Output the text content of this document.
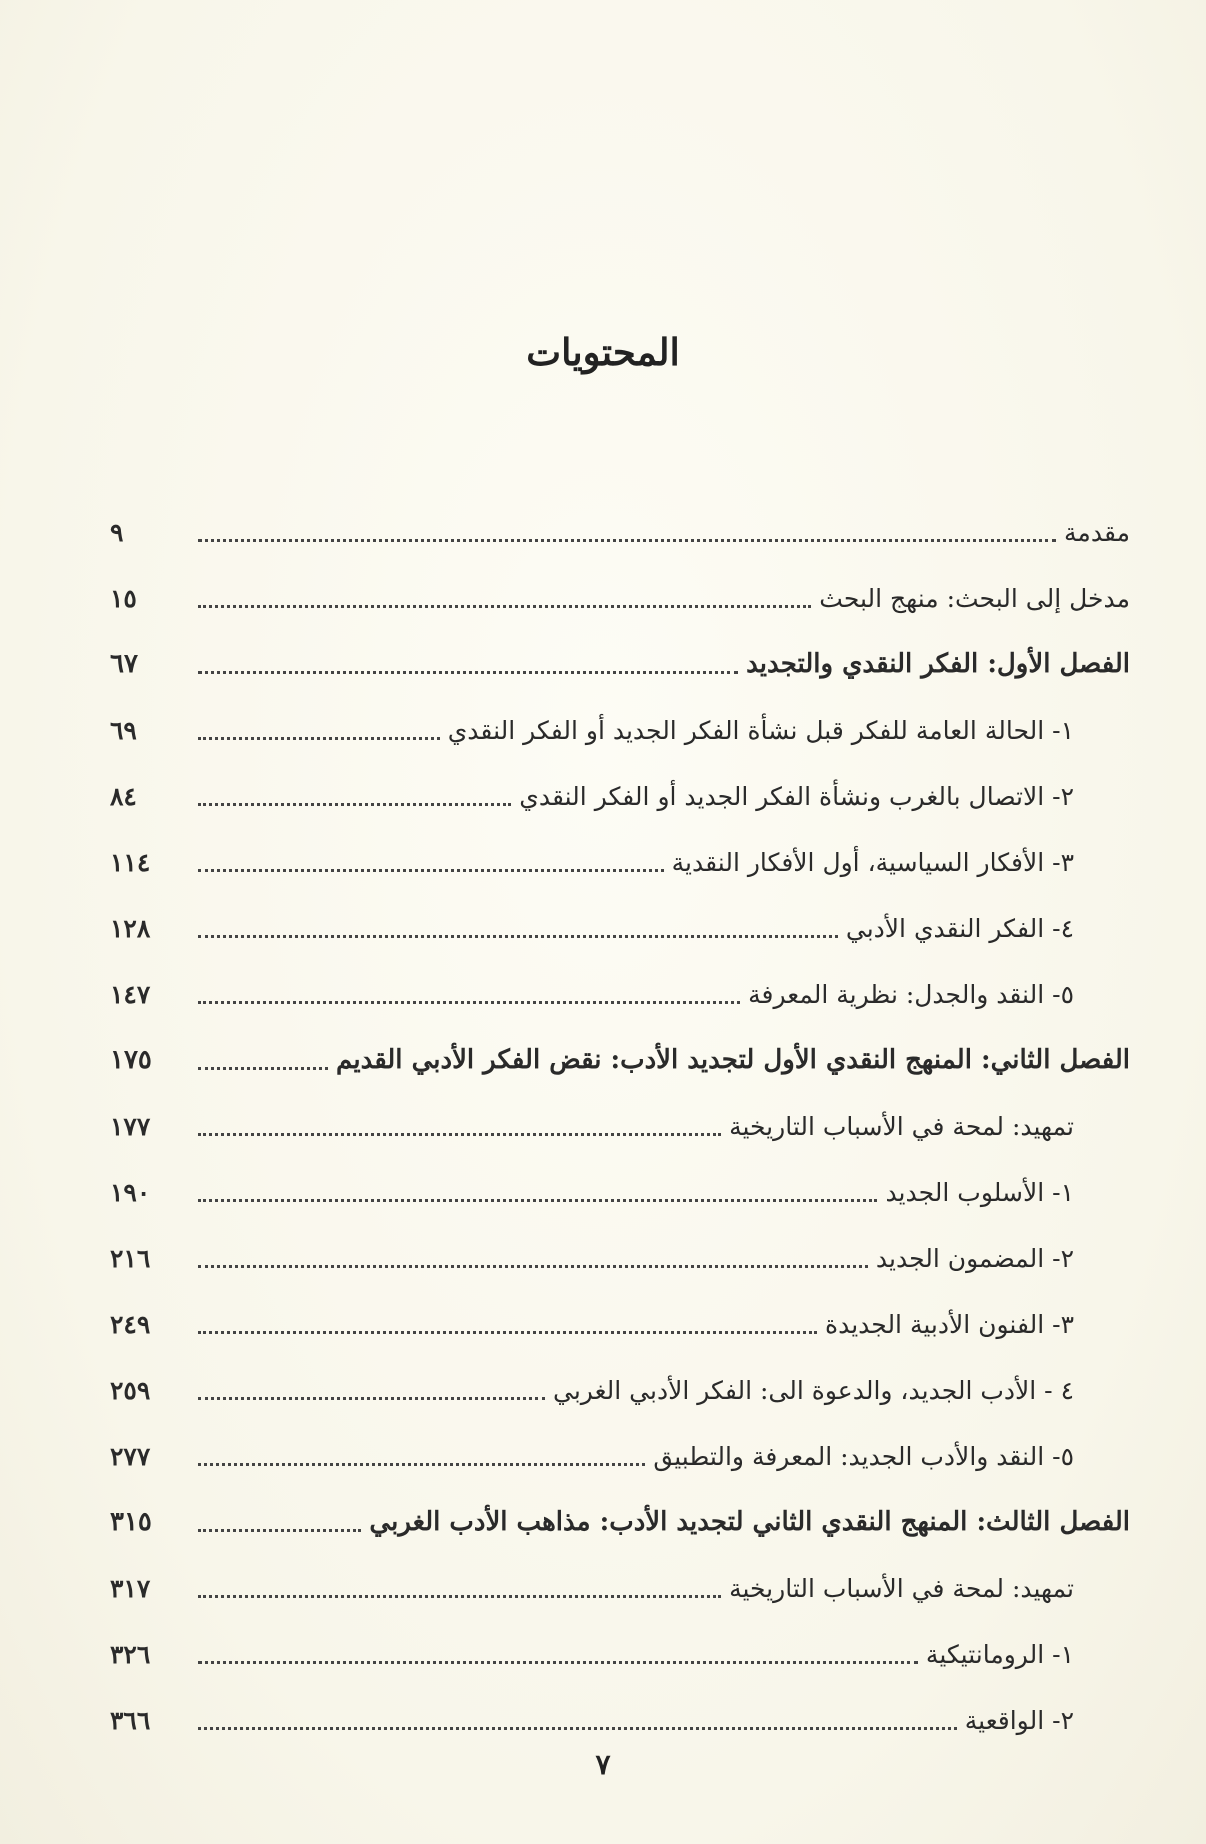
المحتويات
مقدمة
٩
مدخل إلى البحث: منهج البحث
١٥
الفصل الأول: الفكر النقدي والتجديد
٦٧
١- الحالة العامة للفكر قبل نشأة الفكر الجديد أو الفكر النقدي
٦٩
٢- الاتصال بالغرب ونشأة الفكر الجديد أو الفكر النقدي
٨٤
٣- الأفكار السياسية، أول الأفكار النقدية
١١٤
٤- الفكر النقدي الأدبي
١٢٨
٥- النقد والجدل: نظرية المعرفة
١٤٧
الفصل الثاني: المنهج النقدي الأول لتجديد الأدب: نقض الفكر الأدبي القديم
١٧٥
تمهيد: لمحة في الأسباب التاريخية
١٧٧
١- الأسلوب الجديد
١٩٠
٢- المضمون الجديد
٢١٦
٣- الفنون الأدبية الجديدة
٢٤٩
٤ - الأدب الجديد، والدعوة الى: الفكر الأدبي الغربي
٢٥٩
٥- النقد والأدب الجديد: المعرفة والتطبيق
٢٧٧
الفصل الثالث: المنهج النقدي الثاني لتجديد الأدب: مذاهب الأدب الغربي
٣١٥
تمهيد: لمحة في الأسباب التاريخية
٣١٧
١- الرومانتيكية
٣٢٦
٢- الواقعية
٣٦٦
٧
